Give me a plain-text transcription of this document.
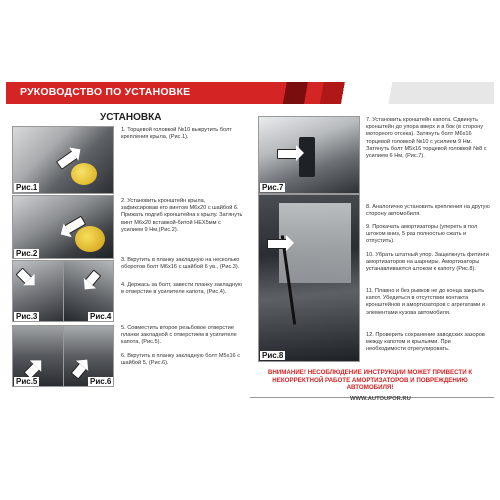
РУКОВОДСТВО ПО УСТАНОВКЕ
УСТАНОВКА
Рис.1
Рис.2
Рис.3	Рис.4
Рис.5	Рис.6
Рис.7
Рис.8
1. Торцевой головкой №10 выкрутить болт крепления крыла, (Рис.1).
2. Установить кронштейн крыла, зафиксировав его винтом М6х20 с шайбой 6. Прижать подгиб кронштейна к крылу. Затянуть винт М6х20 вставкой-битой HEX5мм с усилием 9 Нм,(Рис.2).
3. Вкрутить в планку закладную на несколько оборотов болт М6х16 с шайбой 6 ув., (Рис.3).
4. Держась за болт, завести планку закладную в отверстие в усилителе капота, (Рис.4).
5. Совместить второе резьбовое отверстие планки закладной с отверстием в усилителе капота, (Рис.5).
6. Вкрутить в планку закладную болт М5х16 с шайбой 5, (Рис.6).
7. Установить кронштейн капота. Сдвинуть кронштейн до упора вверх и в бок (в сторону моторного отсека). Затянуть болт М6х16 торцевой головкой №10 с усилием 9 Нм. Затянуть болт М5х16 торцевой головкой №8 с усилием 6 Нм, (Рис.7).
8. Аналогично установить крепления на другую сторону автомобиля.
9. Прокачать амортизаторы (упереть в пол штоком вниз, 5 раз полностью сжать и отпустить).
10. Убрать штатный упор. Защелкнуть фитинги амортизаторов на шарниры. Амортизаторы устанавливаются штоком к капоту (Рис.8).
11. Плавно и без рывков не до конца закрыть капот. Убедиться в отсутствии контакта кронштейнов и амортизаторов с агрегатами и элементами кузова автомобиля.
12. Проверить сохранение заводских зазоров между капотом и крыльями. При необходимости отрегулировать.
ВНИМАНИЕ! НЕСОБЛЮДЕНИЕ ИНСТРУКЦИИ МОЖЕТ ПРИВЕСТИ К НЕКОРРЕКТНОЙ РАБОТЕ АМОРТИЗАТОРОВ И ПОВРЕЖДЕНИЮ АВТОМОБИЛЯ!
WWW.AUTOUPOR.RU
